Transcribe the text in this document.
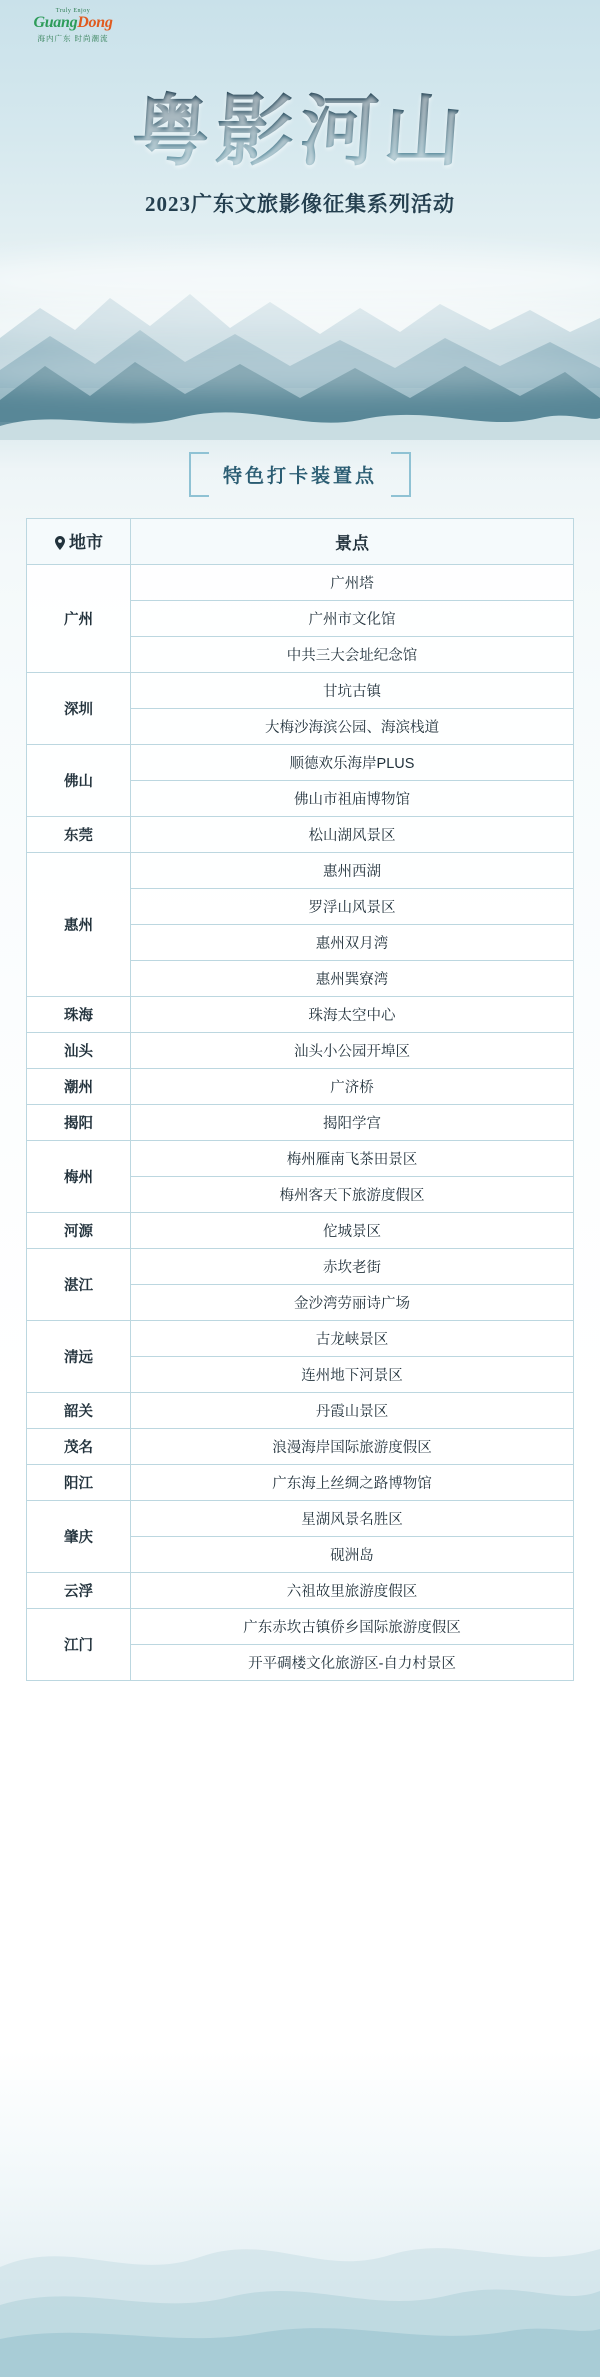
Truly Enjoy
GuangDong
海内广东 时尚潮流
粤影河山
2023广东文旅影像征集系列活动
特色打卡装置点
地市	景点
广州	广州塔
	广州市文化馆
	中共三大会址纪念馆
深圳	甘坑古镇
	大梅沙海滨公园、海滨栈道
佛山	顺德欢乐海岸PLUS
	佛山市祖庙博物馆
东莞	松山湖风景区
惠州	惠州西湖
	罗浮山风景区
	惠州双月湾
	惠州巽寮湾
珠海	珠海太空中心
汕头	汕头小公园开埠区
潮州	广济桥
揭阳	揭阳学宫
梅州	梅州雁南飞茶田景区
	梅州客天下旅游度假区
河源	佗城景区
湛江	赤坎老街
	金沙湾劳丽诗广场
清远	古龙峡景区
	连州地下河景区
韶关	丹霞山景区
茂名	浪漫海岸国际旅游度假区
阳江	广东海上丝绸之路博物馆
肇庆	星湖风景名胜区
	砚洲岛
云浮	六祖故里旅游度假区
江门	广东赤坎古镇侨乡国际旅游度假区
	开平碉楼文化旅游区-自力村景区
